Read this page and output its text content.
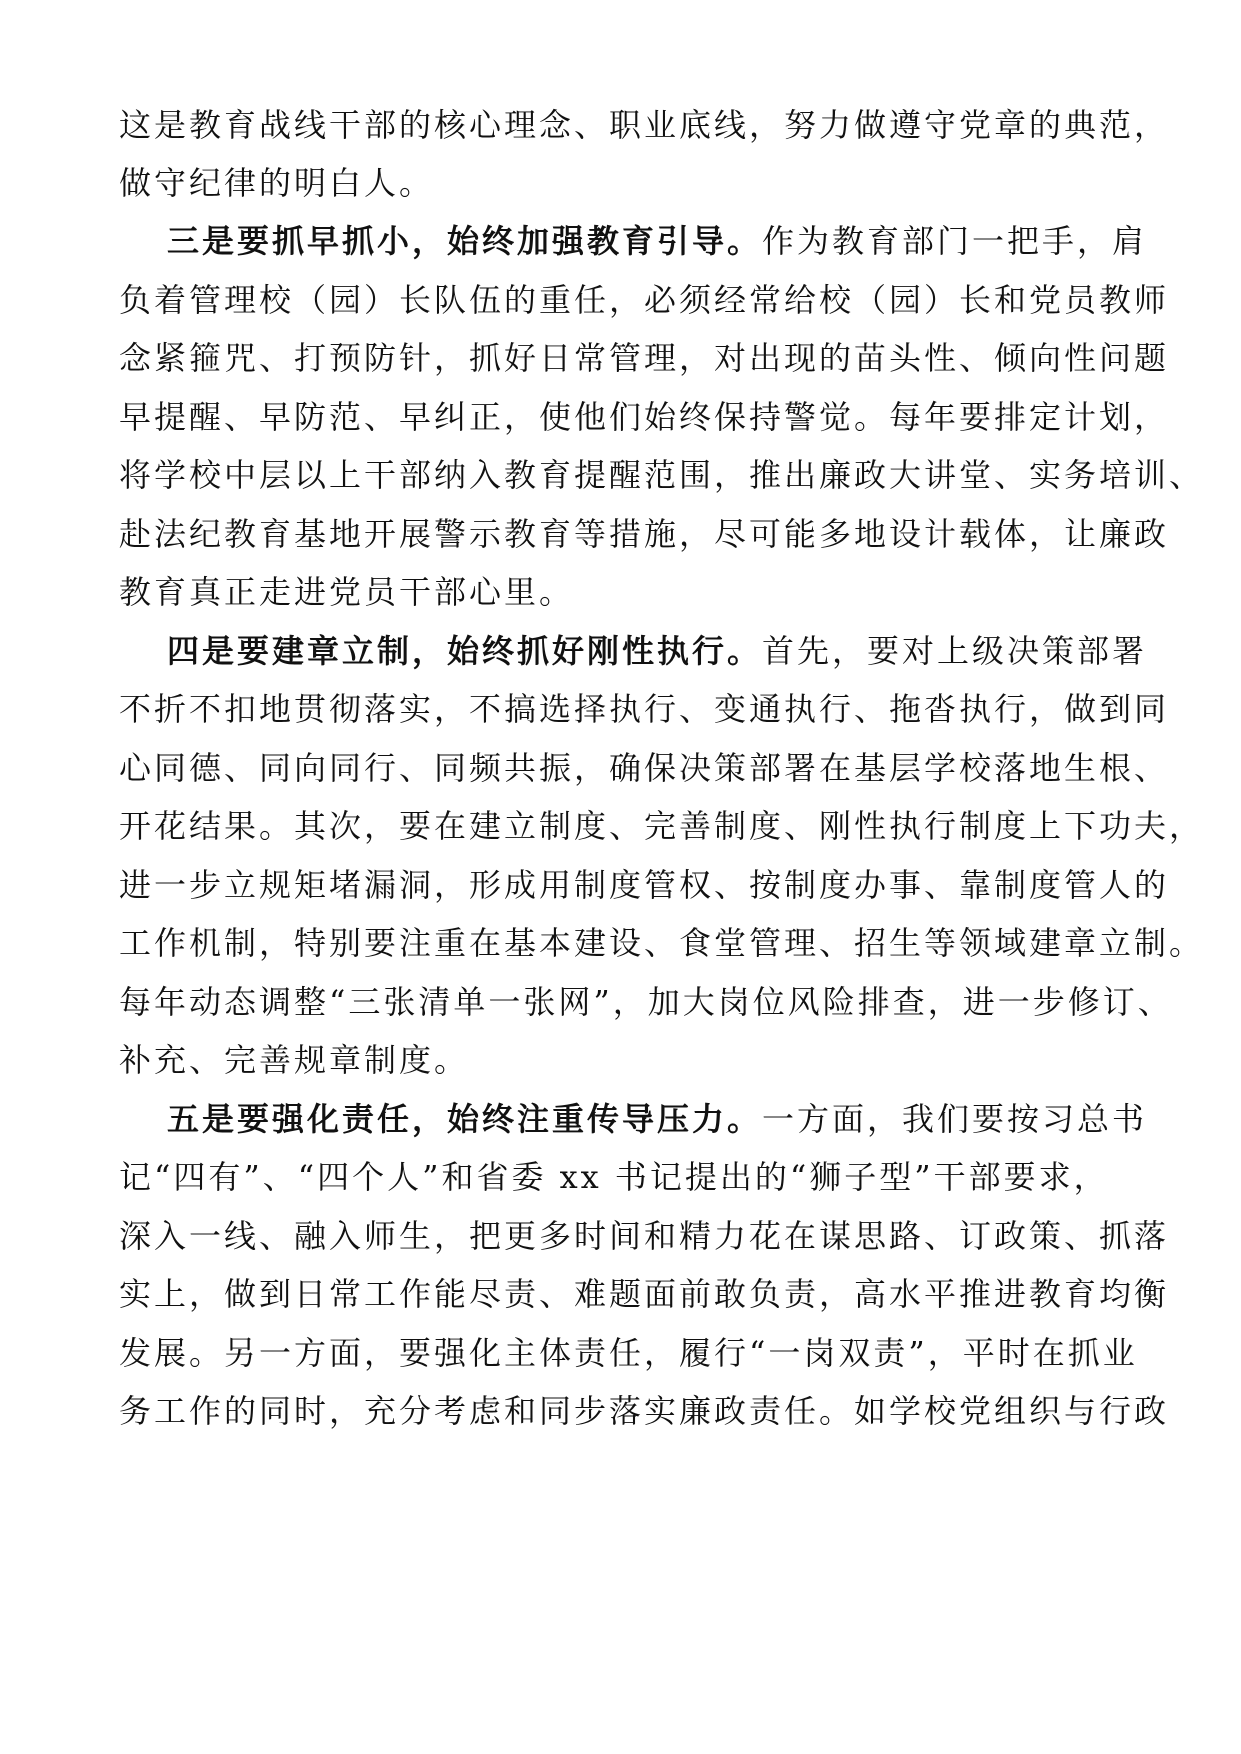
这是教育战线干部的核心理念、职业底线，努力做遵守党章的典范，
做守纪律的明白人。
三是要抓早抓小，始终加强教育引导。作为教育部门一把手，肩
负着管理校（园）长队伍的重任，必须经常给校（园）长和党员教师
念紧箍咒、打预防针，抓好日常管理，对出现的苗头性、倾向性问题
早提醒、早防范、早纠正，使他们始终保持警觉。每年要排定计划，
将学校中层以上干部纳入教育提醒范围，推出廉政大讲堂、实务培训、
赴法纪教育基地开展警示教育等措施，尽可能多地设计载体，让廉政
教育真正走进党员干部心里。
四是要建章立制，始终抓好刚性执行。首先，要对上级决策部署
不折不扣地贯彻落实，不搞选择执行、变通执行、拖沓执行，做到同
心同德、同向同行、同频共振，确保决策部署在基层学校落地生根、
开花结果。其次，要在建立制度、完善制度、刚性执行制度上下功夫，
进一步立规矩堵漏洞，形成用制度管权、按制度办事、靠制度管人的
工作机制，特别要注重在基本建设、食堂管理、招生等领域建章立制。
每年动态调整“三张清单一张网”，加大岗位风险排查，进一步修订、
补充、完善规章制度。
五是要强化责任，始终注重传导压力。一方面，我们要按习总书
记“四有”、“四个人”和省委 xx 书记提出的“狮子型”干部要求，
深入一线、融入师生，把更多时间和精力花在谋思路、订政策、抓落
实上，做到日常工作能尽责、难题面前敢负责，高水平推进教育均衡
发展。另一方面，要强化主体责任，履行“一岗双责”，平时在抓业
务工作的同时，充分考虑和同步落实廉政责任。如学校党组织与行政
